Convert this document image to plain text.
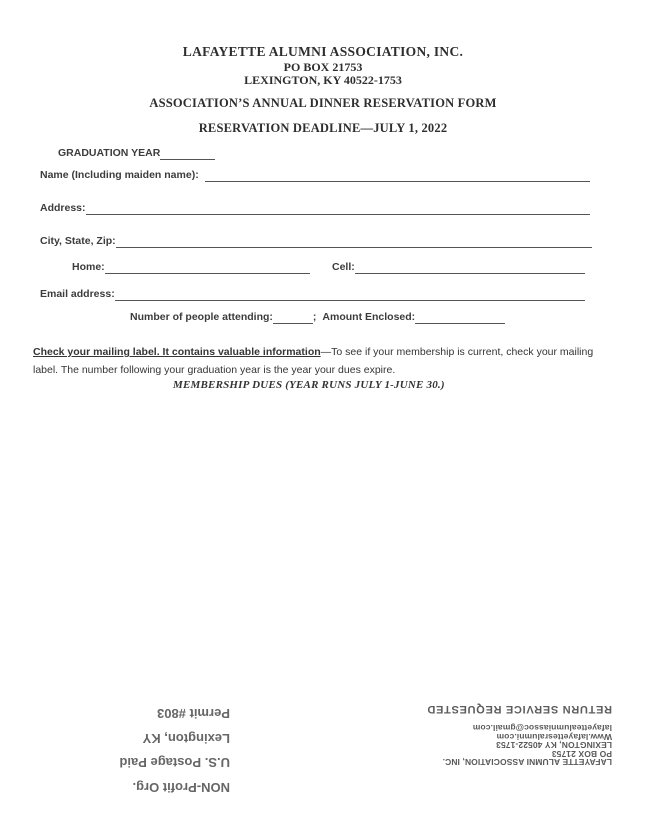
LAFAYETTE ALUMNI ASSOCIATION, INC.
PO BOX 21753
LEXINGTON, KY 40522-1753
ASSOCIATION’S ANNUAL DINNER RESERVATION FORM
RESERVATION DEADLINE—JULY 1, 2022
GRADUATION YEAR
Name (Including maiden name):
Address:
City, State, Zip:
Home:	Cell:
Email address:
Number of people attending:	; Amount Enclosed:
Check your mailing label. It contains valuable information—To see if your membership is current, check your mailing label. The number following your graduation year is the year your dues expire.
MEMBERSHIP DUES (YEAR RUNS JULY 1-JUNE 30.)
NON-Profit Org.
U.S. Postage Paid
Lexington, KY
Permit #803
LAFAYETTE ALUMNI ASSOCIATION, INC.
PO BOX 21753
LEXINGTON, KY 40522-1753
Www.lafayettesralumni.com
lafayettealumniassoc@gmail.com
RETURN SERVICE REQUESTED
